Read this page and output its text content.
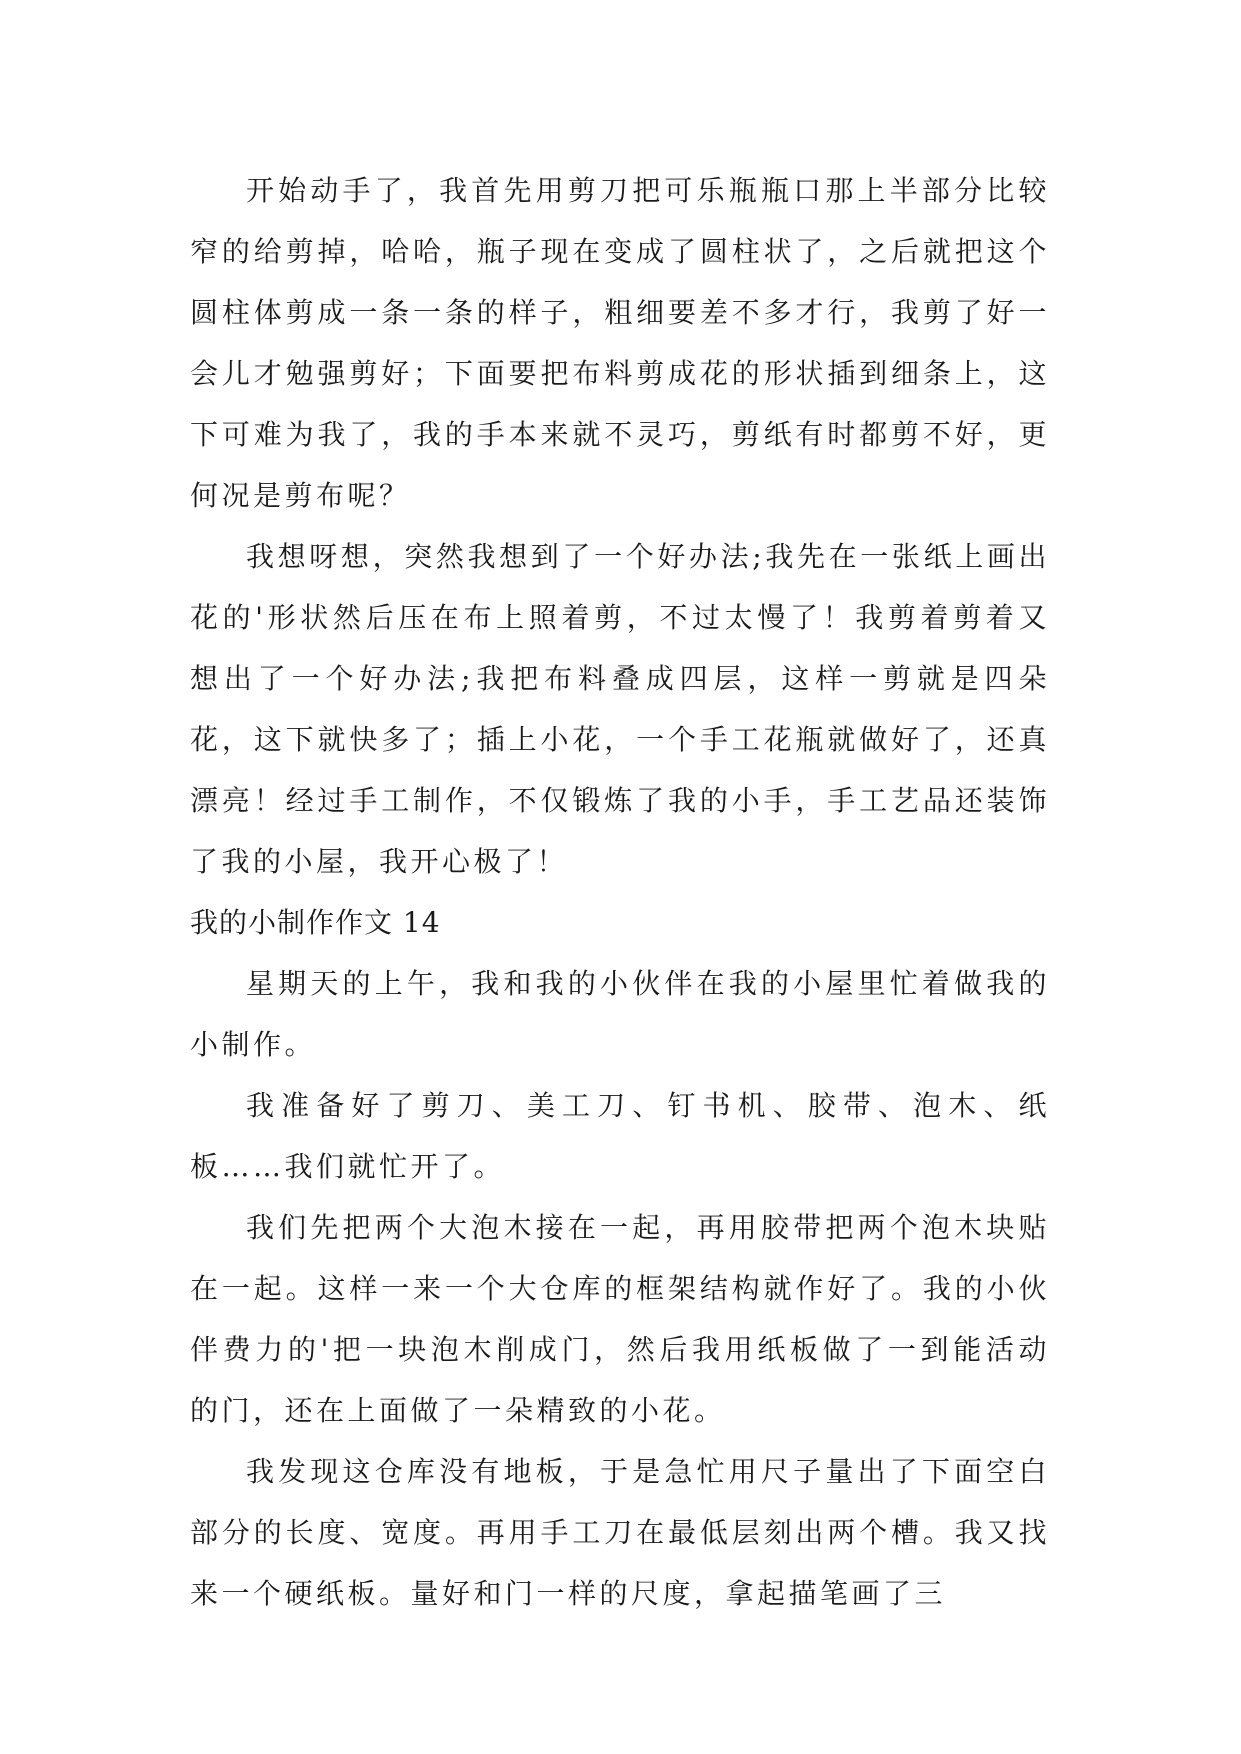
开始动手了，我首先用剪刀把可乐瓶瓶口那上半部分比较窄的给剪掉，哈哈，瓶子现在变成了圆柱状了，之后就把这个圆柱体剪成一条一条的样子，粗细要差不多才行，我剪了好一会儿才勉强剪好；下面要把布料剪成花的形状插到细条上，这下可难为我了，我的手本来就不灵巧，剪纸有时都剪不好，更何况是剪布呢？

我想呀想，突然我想到了一个好办法;我先在一张纸上画出花的'形状然后压在布上照着剪，不过太慢了！我剪着剪着又想出了一个好办法;我把布料叠成四层，这样一剪就是四朵花，这下就快多了；插上小花，一个手工花瓶就做好了，还真漂亮！经过手工制作，不仅锻炼了我的小手，手工艺品还装饰了我的小屋，我开心极了！

我的小制作作文 14

星期天的上午，我和我的小伙伴在我的小屋里忙着做我的小制作。

我准备好了剪刀、美工刀、钉书机、胶带、泡木、纸板……我们就忙开了。

我们先把两个大泡木接在一起，再用胶带把两个泡木块贴在一起。这样一来一个大仓库的框架结构就作好了。我的小伙伴费力的'把一块泡木削成门，然后我用纸板做了一到能活动的门，还在上面做了一朵精致的小花。

我发现这仓库没有地板，于是急忙用尺子量出了下面空白部分的长度、宽度。再用手工刀在最低层刻出两个槽。我又找来一个硬纸板。量好和门一样的尺度，拿起描笔画了三
